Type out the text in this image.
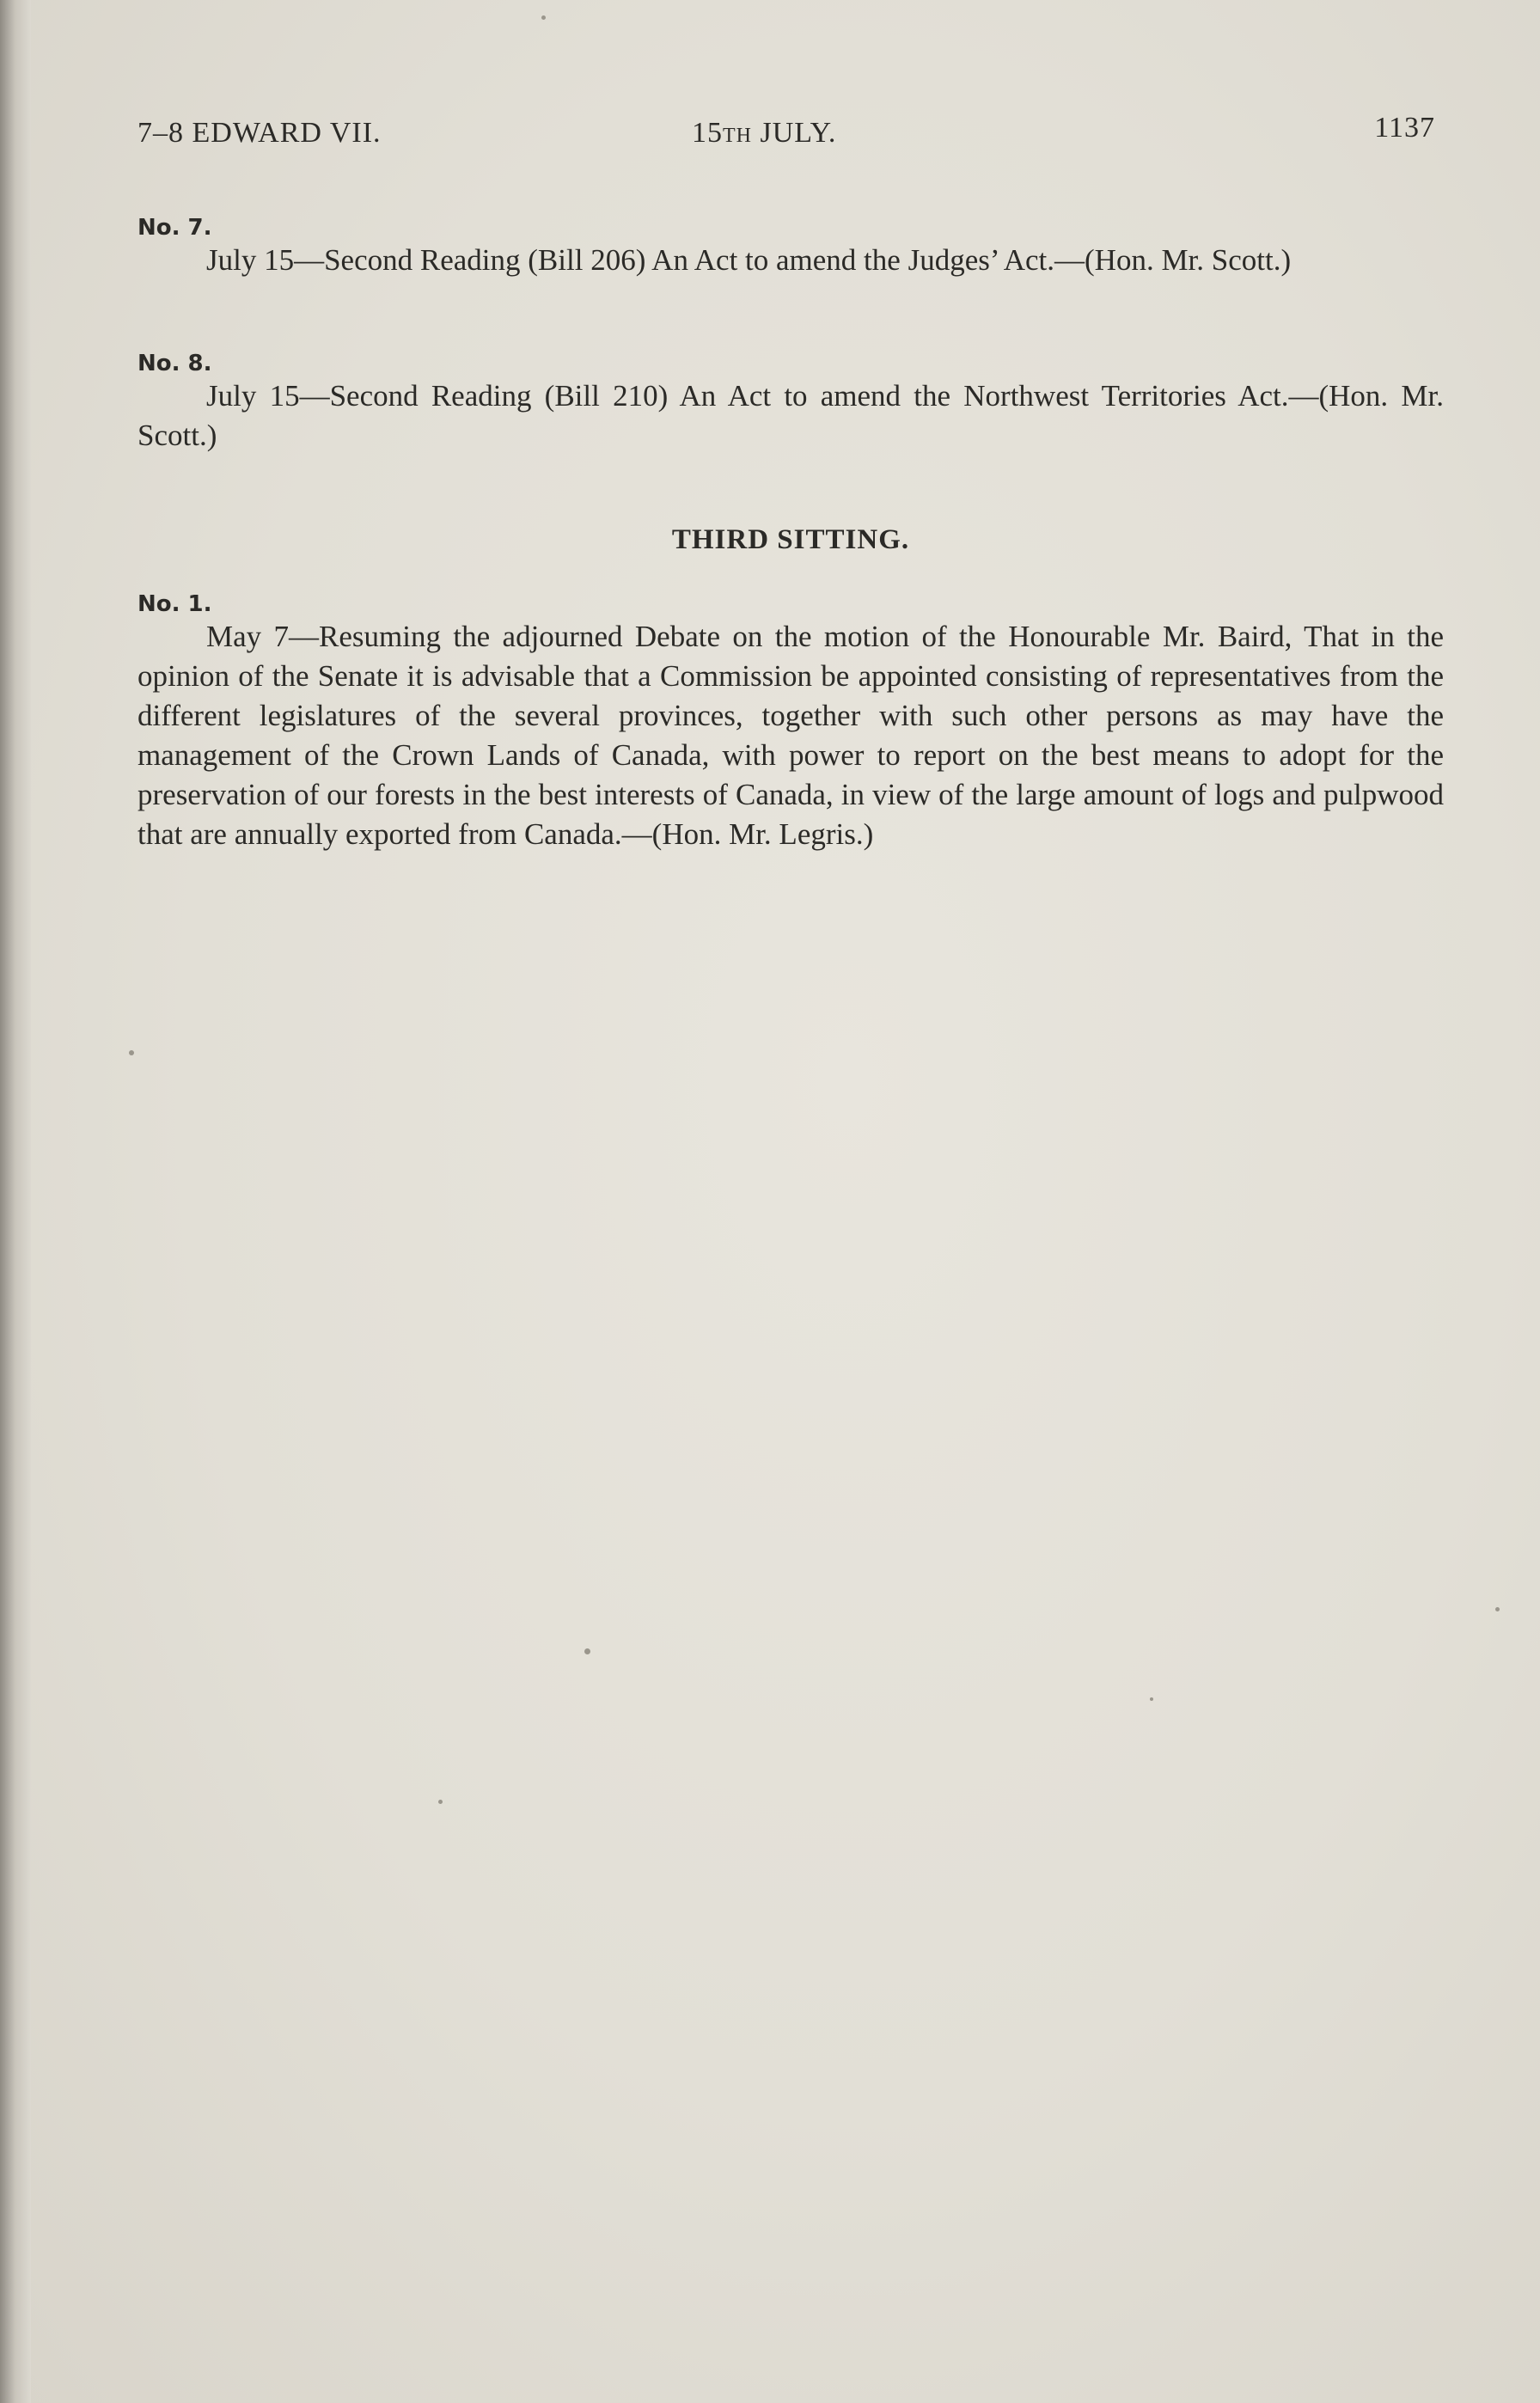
7–8 EDWARD VII.	15TH JULY.	1137
No. 7.

July 15—Second Reading (Bill 206) An Act to amend the Judges’ Act.—(Hon. Mr. Scott.)

No. 8.

July 15—Second Reading (Bill 210) An Act to amend the Northwest Territories Act.—(Hon. Mr. Scott.)

THIRD SITTING.
No. 1.

May 7—Resuming the adjourned Debate on the motion of the Honourable Mr. Baird, That in the opinion of the Senate it is advisable that a Commission be appointed consisting of representatives from the different legislatures of the several provinces, together with such other persons as may have the management of the Crown Lands of Canada, with power to report on the best means to adopt for the preservation of our forests in the best interests of Canada, in view of the large amount of logs and pulpwood that are annually exported from Canada.—(Hon. Mr. Legris.)
